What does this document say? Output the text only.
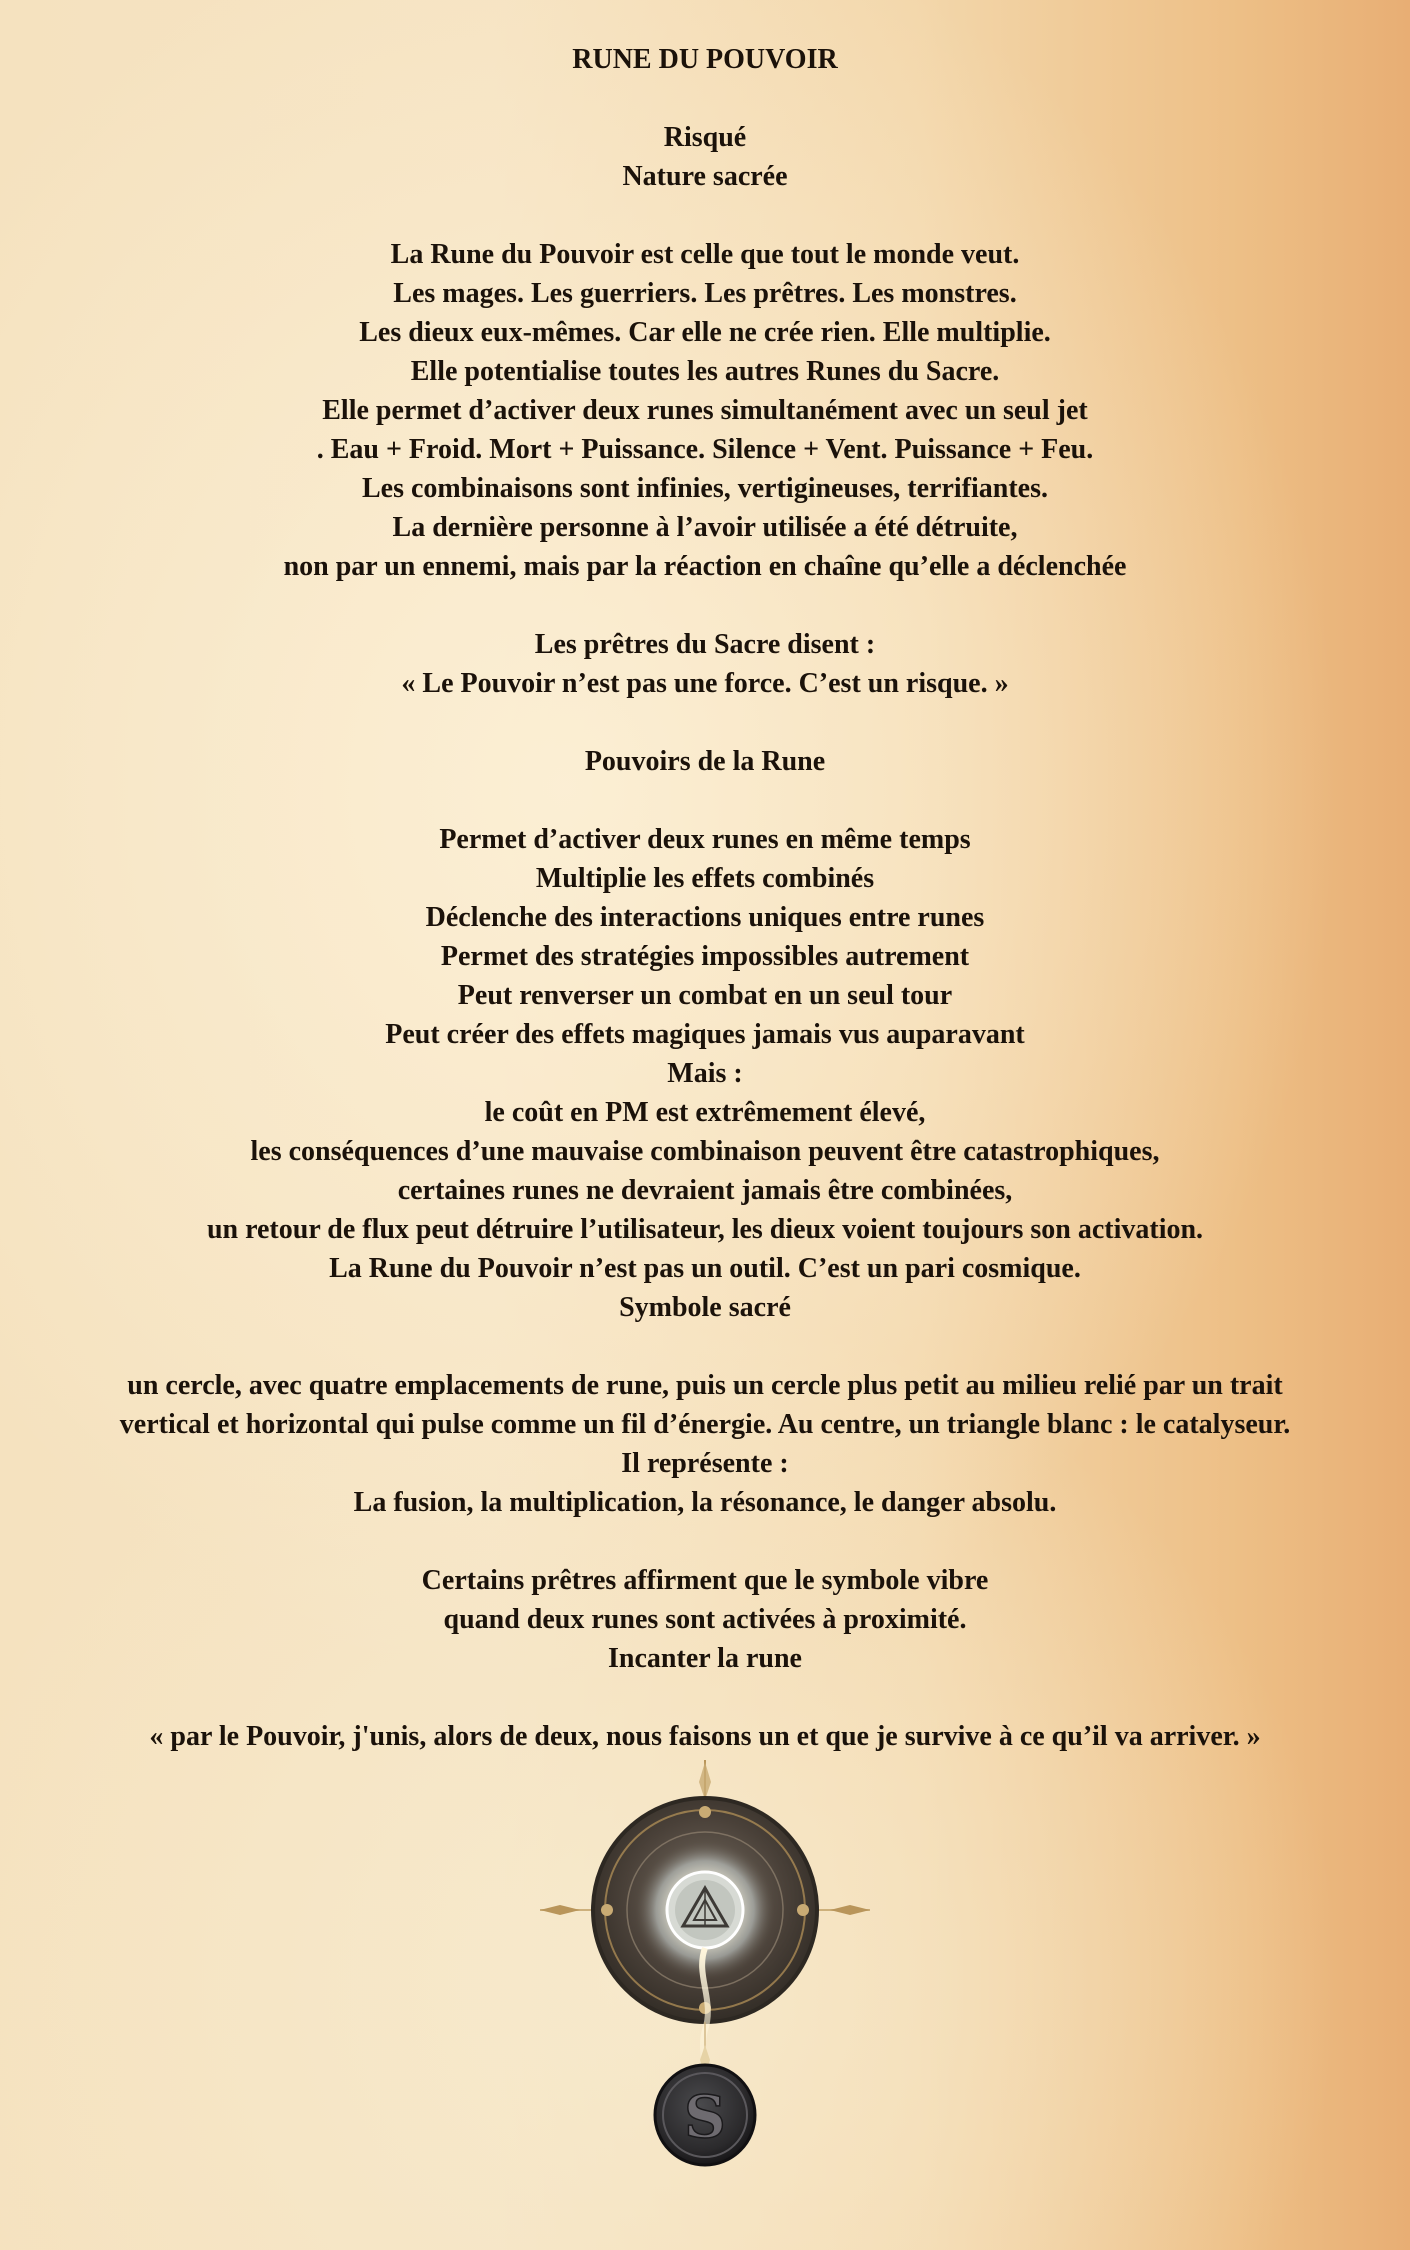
RUNE DU POUVOIR
Risqué
Nature sacrée
La Rune du Pouvoir est celle que tout le monde veut.
Les mages. Les guerriers. Les prêtres. Les monstres.
Les dieux eux-mêmes. Car elle ne crée rien. Elle multiplie.
Elle potentialise toutes les autres Runes du Sacre.
Elle permet d’activer deux runes simultanément avec un seul jet
. Eau + Froid. Mort + Puissance. Silence + Vent. Puissance + Feu.
Les combinaisons sont infinies, vertigineuses, terrifiantes.
La dernière personne à l’avoir utilisée a été détruite,
non par un ennemi, mais par la réaction en chaîne qu’elle a déclenchée
Les prêtres du Sacre disent :
« Le Pouvoir n’est pas une force. C’est un risque. »
Pouvoirs de la Rune
Permet d’activer deux runes en même temps
Multiplie les effets combinés
Déclenche des interactions uniques entre runes
Permet des stratégies impossibles autrement
Peut renverser un combat en un seul tour
Peut créer des effets magiques jamais vus auparavant
Mais :
le coût en PM est extrêmement élevé,
les conséquences d’une mauvaise combinaison peuvent être catastrophiques,
certaines runes ne devraient jamais être combinées,
un retour de flux peut détruire l’utilisateur, les dieux voient toujours son activation.
La Rune du Pouvoir n’est pas un outil. C’est un pari cosmique.
Symbole sacré
un cercle, avec quatre emplacements de rune, puis un cercle plus petit au milieu relié par un trait
vertical et horizontal qui pulse comme un fil d’énergie. Au centre, un triangle blanc : le catalyseur.
Il représente :
La fusion, la multiplication, la résonance, le danger absolu.
Certains prêtres affirment que le symbole vibre
quand deux runes sont activées à proximité.
Incanter la rune
« par le Pouvoir, j'unis, alors de deux, nous faisons un et que je survive à ce qu’il va arriver. »
S
